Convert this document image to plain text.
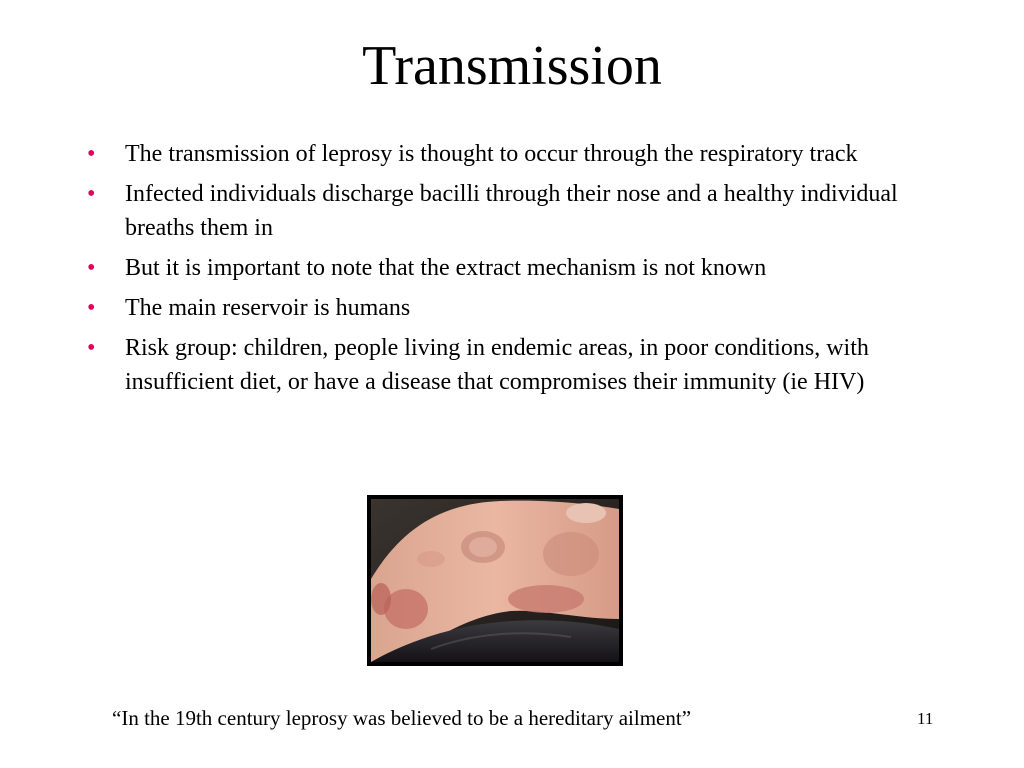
Transmission
• The transmission of leprosy is thought to occur through the respiratory track
• Infected individuals discharge bacilli through their nose and a healthy individual breaths them in
• But it is important to note that the extract mechanism is not known
• The main reservoir is humans
• Risk group: children, people living in endemic areas, in poor conditions, with insufficient diet, or have a disease that compromises their immunity (ie HIV)
“In the 19th century leprosy was believed to be a hereditary ailment”	11
